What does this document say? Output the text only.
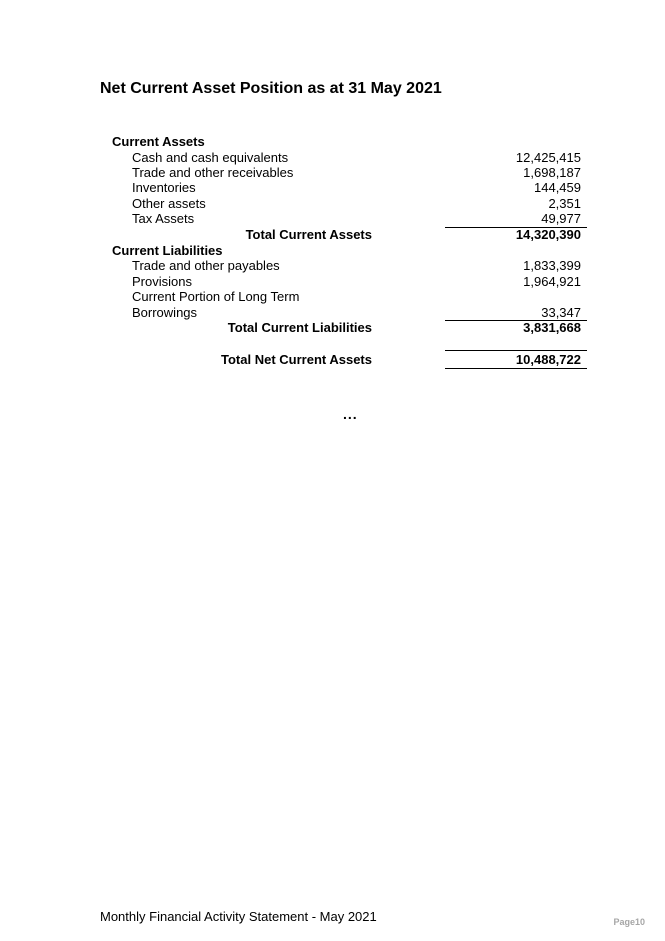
Net Current Asset Position as at 31 May 2021
Current Assets
Cash and cash equivalents	12,425,415
Trade and other receivables	1,698,187
Inventories	144,459
Other assets	2,351
Tax Assets	49,977
Total Current Assets	14,320,390
Current Liabilities
Trade and other payables	1,833,399
Provisions	1,964,921
Current Portion of Long Term
Borrowings	33,347
Total Current Liabilities	3,831,668
Total Net Current Assets	10,488,722
...
Monthly Financial Activity Statement - May 2021	Page10
